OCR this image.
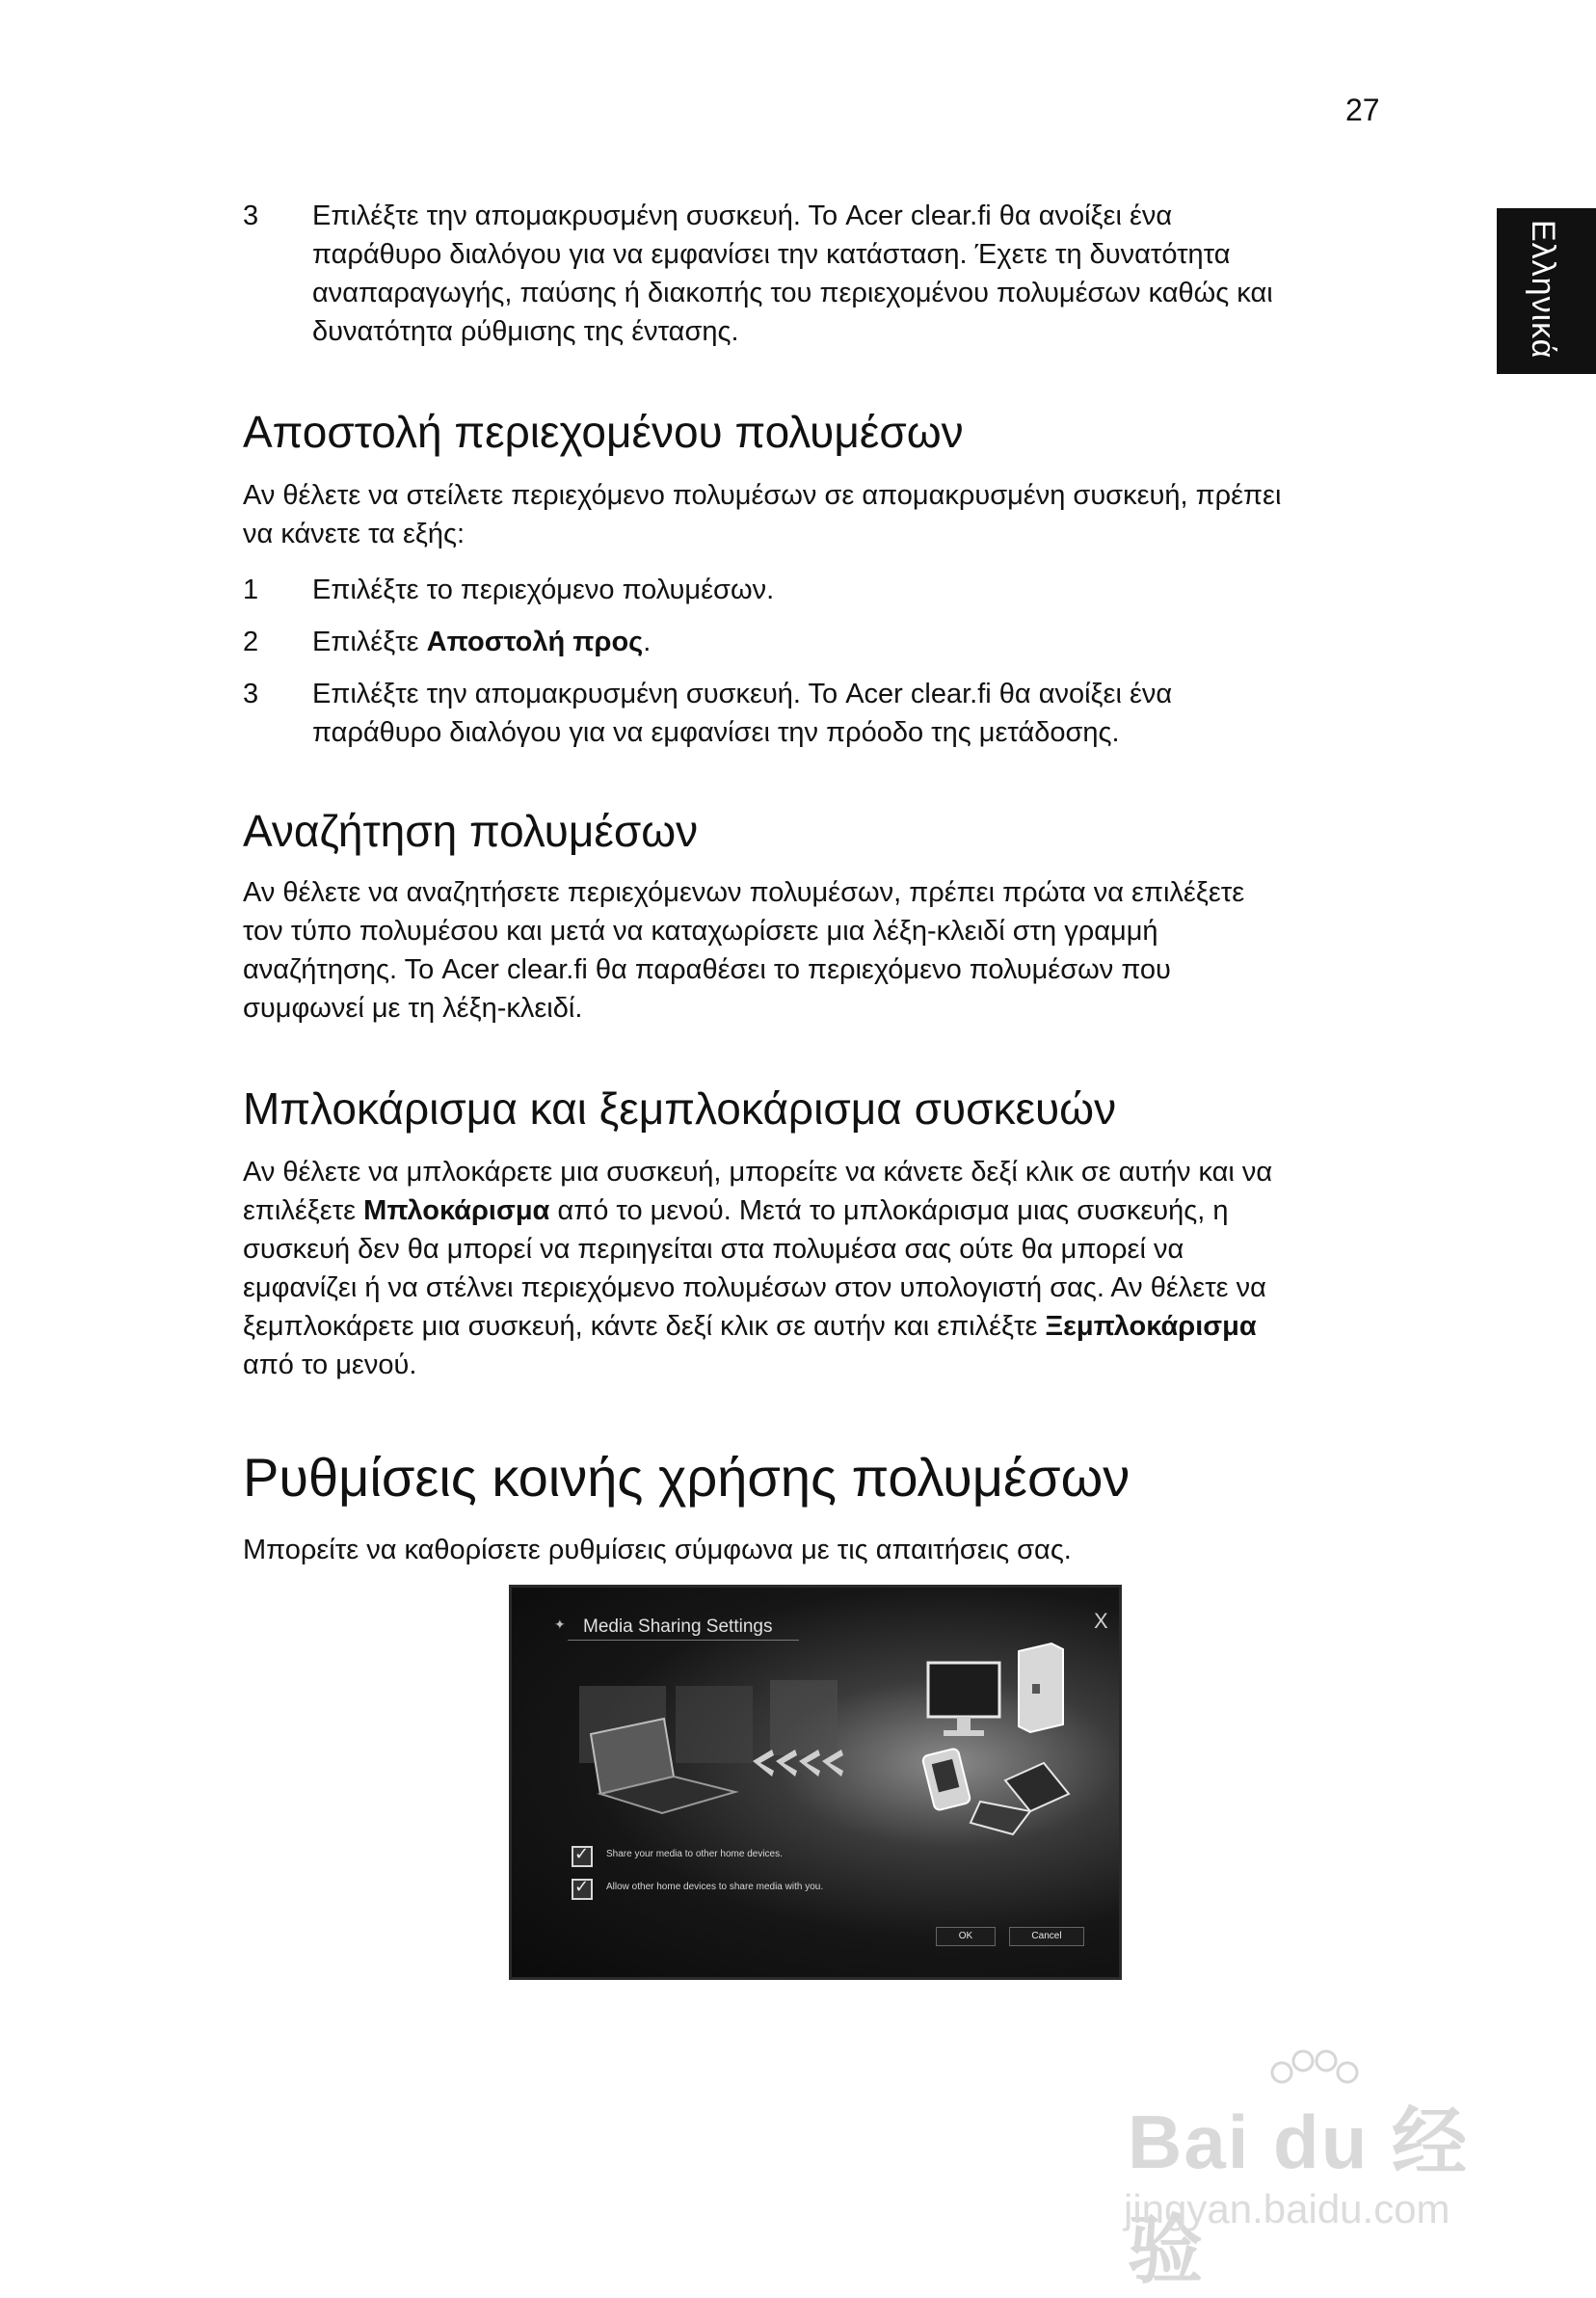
27
Ελληνικά
3 Επιλέξτε την απομακρυσμένη συσκευή. Το Acer clear.fi θα ανοίξει ένα
παράθυρο διαλόγου για να εμφανίσει την κατάσταση. Έχετε τη δυνατότητα
αναπαραγωγής, παύσης ή διακοπής του περιεχομένου πολυμέσων καθώς και
δυνατότητα ρύθμισης της έντασης.
Αποστολή περιεχομένου πολυμέσων
Αν θέλετε να στείλετε περιεχόμενο πολυμέσων σε απομακρυσμένη συσκευή, πρέπει
να κάνετε τα εξής:
1 Επιλέξτε το περιεχόμενο πολυμέσων.
2 Επιλέξτε Αποστολή προς.
3 Επιλέξτε την απομακρυσμένη συσκευή. Το Acer clear.fi θα ανοίξει ένα
παράθυρο διαλόγου για να εμφανίσει την πρόοδο της μετάδοσης.
Αναζήτηση πολυμέσων
Αν θέλετε να αναζητήσετε περιεχόμενων πολυμέσων, πρέπει πρώτα να επιλέξετε
τον τύπο πολυμέσου και μετά να καταχωρίσετε μια λέξη-κλειδί στη γραμμή
αναζήτησης. Το Acer clear.fi θα παραθέσει το περιεχόμενο πολυμέσων που
συμφωνεί με τη λέξη-κλειδί.
Μπλοκάρισμα και ξεμπλοκάρισμα συσκευών
Αν θέλετε να μπλοκάρετε μια συσκευή, μπορείτε να κάνετε δεξί κλικ σε αυτήν και να
επιλέξετε Μπλοκάρισμα από το μενού. Μετά το μπλοκάρισμα μιας συσκευής, η
συσκευή δεν θα μπορεί να περιηγείται στα πολυμέσα σας ούτε θα μπορεί να
εμφανίζει ή να στέλνει περιεχόμενο πολυμέσων στον υπολογιστή σας. Αν θέλετε να
ξεμπλοκάρετε μια συσκευή, κάντε δεξί κλικ σε αυτήν και επιλέξτε Ξεμπλοκάρισμα
από το μενού.
Ρυθμίσεις κοινής χρήσης πολυμέσων
Μπορείτε να καθορίσετε ρυθμίσεις σύμφωνα με τις απαιτήσεις σας.
✦ Media Sharing Settings	X
✓
Share your media to other home devices.
✓
Allow other home devices to share media with you.
OK	Cancel
Bai du 经验
jingyan.baidu.com
